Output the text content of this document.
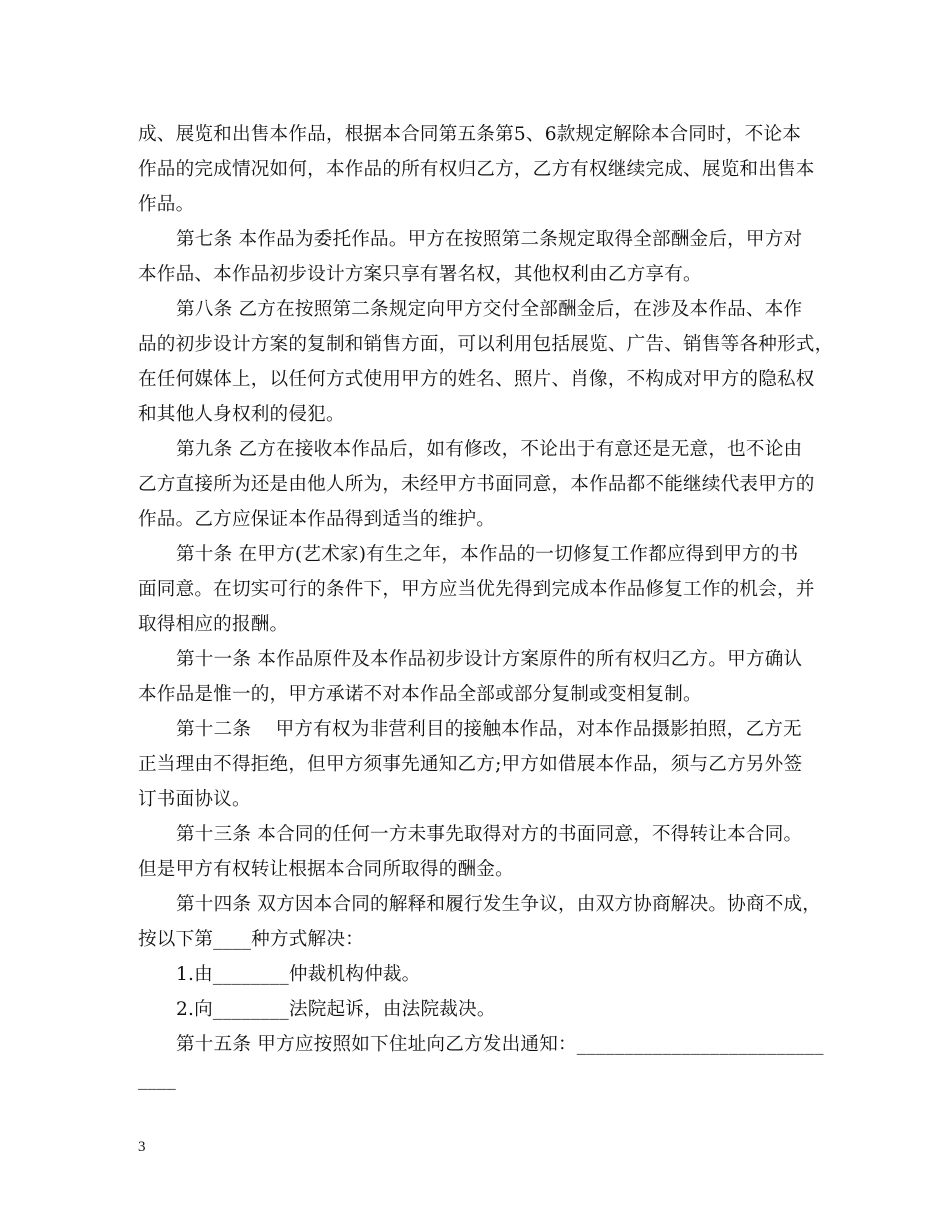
成、展览和出售本作品，根据本合同第五条第5、6款规定解除本合同时，不论本
作品的完成情况如何，本作品的所有权归乙方，乙方有权继续完成、展览和出售本
作品。
第七条 本作品为委托作品。甲方在按照第二条规定取得全部酬金后，甲方对
本作品、本作品初步设计方案只享有署名权，其他权利由乙方享有。
第八条 乙方在按照第二条规定向甲方交付全部酬金后，在涉及本作品、本作
品的初步设计方案的复制和销售方面，可以利用包括展览、广告、销售等各种形式，
在任何媒体上，以任何方式使用甲方的姓名、照片、肖像，不构成对甲方的隐私权
和其他人身权利的侵犯。
第九条 乙方在接收本作品后，如有修改，不论出于有意还是无意，也不论由
乙方直接所为还是由他人所为，未经甲方书面同意，本作品都不能继续代表甲方的
作品。乙方应保证本作品得到适当的维护。
第十条 在甲方(艺术家)有生之年，本作品的一切修复工作都应得到甲方的书
面同意。在切实可行的条件下，甲方应当优先得到完成本作品修复工作的机会，并
取得相应的报酬。
第十一条 本作品原件及本作品初步设计方案原件的所有权归乙方。甲方确认
本作品是惟一的，甲方承诺不对本作品全部或部分复制或变相复制。
第十二条    甲方有权为非营利目的接触本作品，对本作品摄影拍照，乙方无
正当理由不得拒绝，但甲方须事先通知乙方;甲方如借展本作品，须与乙方另外签
订书面协议。
第十三条 本合同的任何一方未事先取得对方的书面同意，不得转让本合同。
但是甲方有权转让根据本合同所取得的酬金。
第十四条 双方因本合同的解释和履行发生争议，由双方协商解决。协商不成，
按以下第____种方式解决：
1.由________仲裁机构仲裁。
2.向________法院起诉，由法院裁决。
第十五条 甲方应按照如下住址向乙方发出通知：__________________________
____
3
